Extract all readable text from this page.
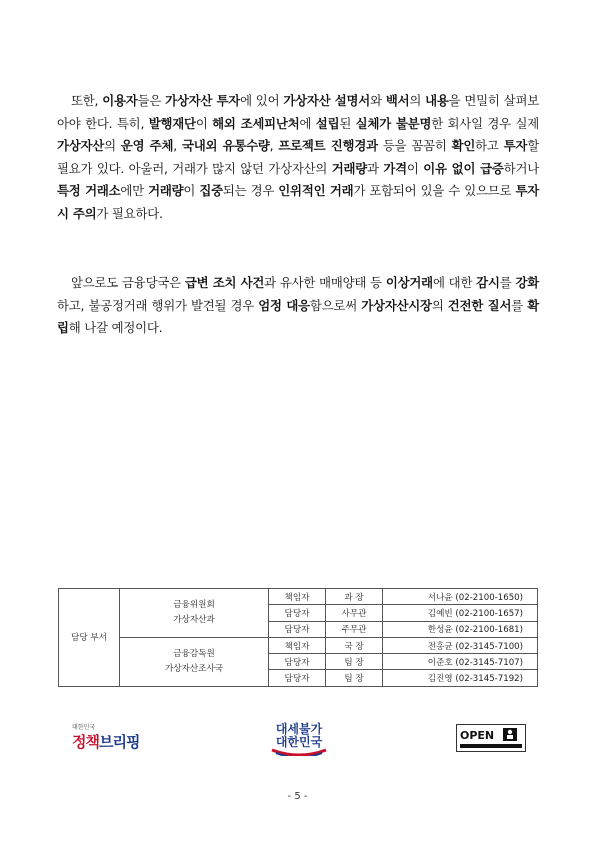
또한, 이용자들은 가상자산 투자에 있어 가상자산 설명서와 백서의 내용을 면밀히 살펴보아야 한다. 특히, 발행재단이 해외 조세피난처에 설립된 실체가 불분명한 회사일 경우 실제 가상자산의 운영 주체, 국내외 유통수량, 프로젝트 진행경과 등을 꼼꼼히 확인하고 투자할 필요가 있다. 아울러, 거래가 많지 않던 가상자산의 거래량과 가격이 이유 없이 급증하거나 특정 거래소에만 거래량이 집중되는 경우 인위적인 거래가 포함되어 있을 수 있으므로 투자시 주의가 필요하다.
앞으로도 금융당국은 급변 조치 사건과 유사한 매매양태 등 이상거래에 대한 감시를 강화하고, 불공정거래 행위가 발견될 경우 엄정 대응함으로써 가상자산시장의 건전한 질서를 확립해 나갈 예정이다.
담당 부서	금융위원회
가상자산과	책임자	과 장	서나윤 (02-2100-1650)
		담당자	사무관	김예빈 (02-2100-1657)
		담당자	주무관	한성윤 (02-2100-1681)

	금융감독원
가상자산조사국	책임자	국 장	전홍균 (02-3145-7100)
		담당자	팀 장	이준호 (02-3145-7107)
		담당자	팀 장	김진영 (02-3145-7192)
대한민국
정책브리핑
대세불가
대한민국	OPEN
- 5 -
